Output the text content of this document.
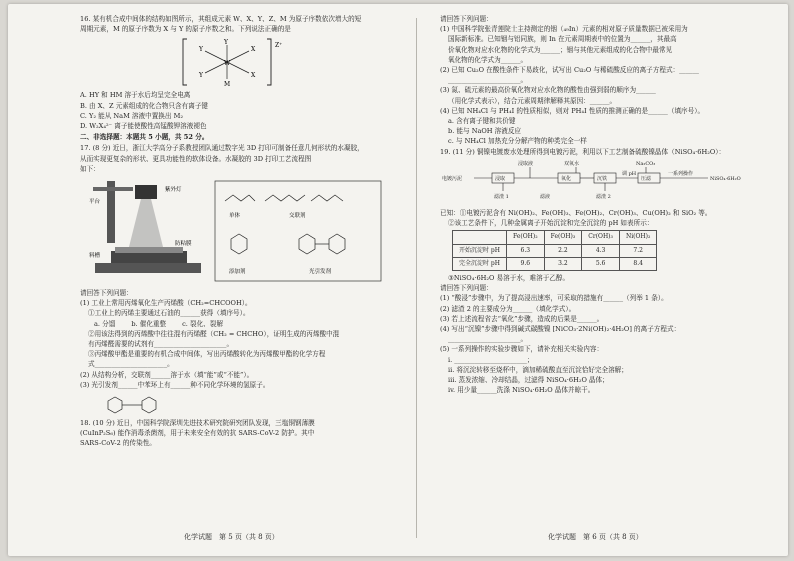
16. 某有机合成中间体的结构如图所示，其组成元素 W、X、Y、Z、M 为原子序数依次增大的短

周期元素，M 的原子序数为 X 与 Y 的原子序数之和。下列说法正确的是

Y
Y
W
X
X
Y
M
Z⁺

A. HY 和 HM 溶于水后均呈完全电离

B. 由 X、Z 元素组成的化合物只含有离子键

C. Y₂ 能从 NaM 溶液中置换出 M₂

D. W₂X₄²⁻ 离子能使酸性高锰酸钾溶液褪色

二、非选择题：本题共 5 小题，共 52 分。

17. (8 分) 近日，浙江大学高分子系教授团队通过数字光 3D 打印可制备任意几何形状的水凝胶，

从而实现更复杂的形状、更具功能性的软体设备。水凝胶的 3D 打印工艺流程图

如下：

平台
料槽
紫外灯
防粘膜
单体	交联剂
添加剂	光引发剂

请回答下列问题：

(1) 工业上常用丙烯氧化生产丙烯酸（CH₂=CHCOOH）。

①工业上的丙烯主要通过石油的______获得（填序号）。

a. 分馏 b. 催化重整 c. 裂化、裂解

②用该法得到的丙烯酸中往往混有丙烯醛（CH₂ = CHCHO），证明生成的丙烯酸中混

有丙烯醛需要的试剂有______________________。

③丙烯酸甲酯是重要的有机合成中间体，写出丙烯酸转化为丙烯酸甲酯的化学方程

式______________________。

(2) 从结构分析，交联剂______溶于水（填“能”或“不能”）。

(3) 光引发剂______中苯环上有______种不同化学环境的氢原子。

18. (10 分) 近日，中国科学院深圳先进技术研究院研究团队发现，三塩铜钢薄膜

(CuInP₂S₆) 能作消毒杀菌剂，用于未来安全有效的抗 SARS-CoV-2 防护。其中

SARS-CoV-2 的传染性。

化学试题　第 5 页（共 8 页）

请回答下列问题：

(1) 中国科学院张青莲院士主持测定的铟（₄₉In）元素的相对原子质量数据已被采用为

国际新标准。已知铟与铝同族，则 In 在元素周期表中的位置为______，其最高

价氧化物对应水化物的化学式为______；铟与其他元素组成的化合物中最常见

氧化物的化学式为______。

(2) 已知 Cu₂O 在酸性条件下易歧化，试写出 Cu₂O 与稀硫酸反应的离子方程式：______

______________________。

(3) 氮、硫元素的最高价氧化物对应水化物的酸性由强到弱的顺序为______

（用化学式表示），结合元素周期律解释其原因：______。

(4) 已知 NH₄Cl 与 PH₄I 的性质相似，则对 PH₄I 性质的推测正确的是______（填序号）。

a. 含有离子键和共价键

b. 能与 NaOH 溶液反应

c. 与 NH₄Cl 加热充分分解产物的种类完全一样

19. (11 分) 铜镍电镀废水处理所得到电镀污泥，利用以下工艺制备硫酸镍晶体（NiSO₄·6H₂O）：

浸取液	双氧水	Na₂CO₃
电镀污泥	浸取	氧化	沉铁
调 pH
压滤
一系列操作
NiSO₄·6H₂O
滤渣 1	滤液	滤渣 2

已知：①电镀污泥含有 Ni(OH)₂、Fe(OH)₃、Fe(OH)₂、Cr(OH)₃、Cu(OH)₂ 和 SiO₂ 等。

②该工艺条件下，几种金属离子开始沉淀和完全沉淀的 pH 如表所示：

	Fe(OH)₂	Fe(OH)₃	Cr(OH)₃	Ni(OH)₂
开始沉淀时 pH	6.3	2.2	4.3	7.2
完全沉淀时 pH	9.6	3.2	5.6	8.4

③NiSO₄·6H₂O 易溶于水，难溶于乙醇。

请回答下列问题：

(1) “酸浸”步骤中，为了提高浸出速率，可采取的措施有______（列举 1 条）。

(2) 滤渣 2 的主要成分为______（填化学式）。

(3) 若上述流程省去“氧化”步骤，造成的后果是______。

(4) 写出“沉镍”步骤中得到碱式碳酸镍 [NiCO₃·2Ni(OH)₂·4H₂O] 的离子方程式：

______________________。

(5) 一系列操作的实验步骤如下，请补充相关实验内容：

i. ______________________；

ii. 将沉淀转移至烧杯中，滴加稀硫酸直至沉淀恰好完全溶解；

iii. 蒸发浓缩、冷却结晶，过滤得 NiSO₄·6H₂O 晶体；

iv. 用少量______洗涤 NiSO₄·6H₂O 晶体并晾干。

化学试题　第 6 页（共 8 页）
